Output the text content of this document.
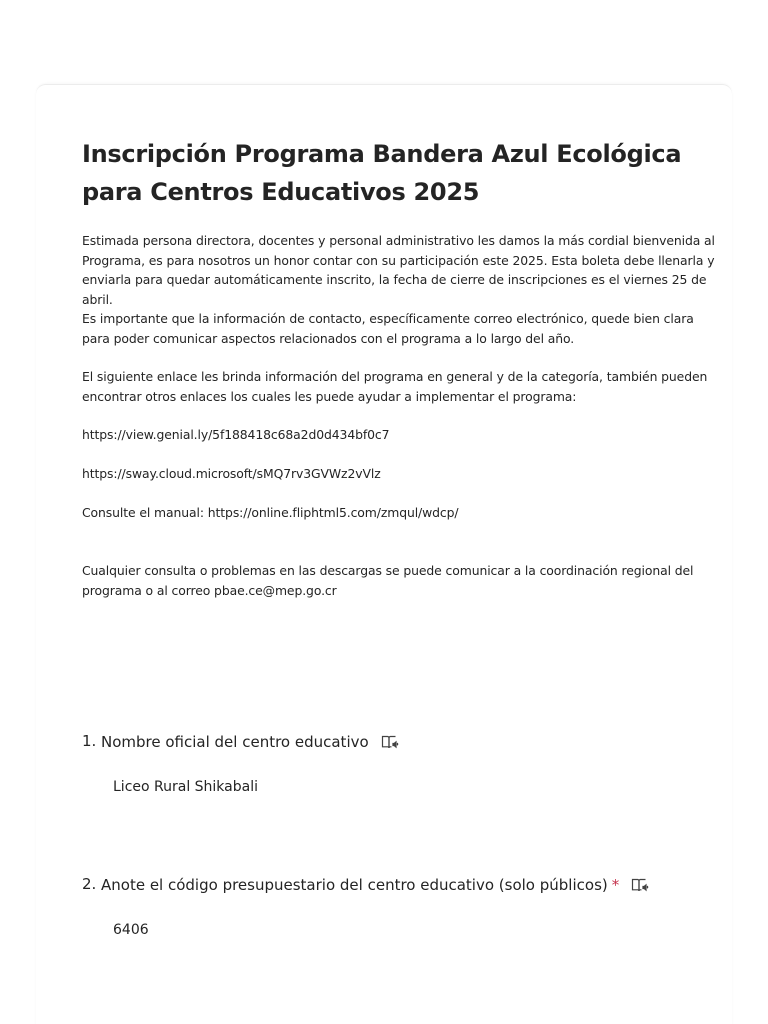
Inscripción Programa Bandera Azul Ecológica para Centros Educativos 2025

Estimada persona directora, docentes y personal administrativo les damos la más cordial bienvenida al Programa, es para nosotros un honor contar con su participación este 2025. Esta boleta debe llenarla y enviarla para quedar automáticamente inscrito, la fecha de cierre de inscripciones es el viernes 25 de abril.

Es importante que la información de contacto, específicamente correo electrónico, quede bien clara para poder comunicar aspectos relacionados con el programa a lo largo del año.

El siguiente enlace les brinda información del programa en general y de la categoría, también pueden encontrar otros enlaces los cuales les puede ayudar a implementar el programa:

https://view.genial.ly/5f188418c68a2d0d434bf0c7

https://sway.cloud.microsoft/sMQ7rv3GVWz2vVlz

Consulte el manual: https://online.fliphtml5.com/zmqul/wdcp/

Cualquier consulta o problemas en las descargas se puede comunicar a la coordinación regional del programa o al correo pbae.ce@mep.go.cr

1. Nombre oficial del centro educativo
Liceo Rural Shikabali
2. Anote el código presupuestario del centro educativo (solo públicos) *
6406
